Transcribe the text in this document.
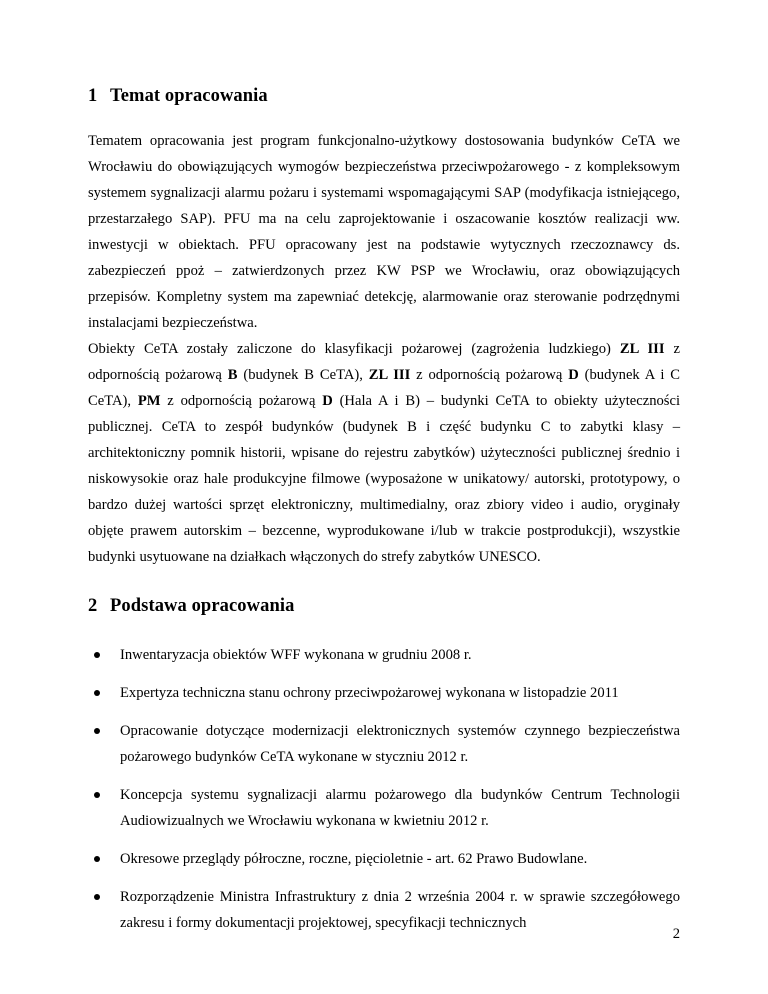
1 Temat opracowania

Tematem opracowania jest program funkcjonalno-użytkowy dostosowania budynków CeTA we Wrocławiu do obowiązujących wymogów bezpieczeństwa przeciwpożarowego - z kompleksowym systemem sygnalizacji alarmu pożaru i systemami wspomagającymi SAP (modyfikacja istniejącego, przestarzałego SAP). PFU ma na celu zaprojektowanie i oszacowanie kosztów realizacji ww. inwestycji w obiektach. PFU opracowany jest na podstawie wytycznych rzeczoznawcy ds. zabezpieczeń ppoż – zatwierdzonych przez KW PSP we Wrocławiu, oraz obowiązujących przepisów. Kompletny system ma zapewniać detekcję, alarmowanie oraz sterowanie podrzędnymi instalacjami bezpieczeństwa.

Obiekty CeTA zostały zaliczone do klasyfikacji pożarowej (zagrożenia ludzkiego) ZL III z odpornością pożarową B (budynek B CeTA), ZL III z odpornością pożarową D (budynek A i C CeTA), PM z odpornością pożarową D (Hala A i B) – budynki CeTA to obiekty użyteczności publicznej. CeTA to zespół budynków (budynek B i część budynku C to zabytki klasy – architektoniczny pomnik historii, wpisane do rejestru zabytków) użyteczności publicznej średnio i niskowysokie oraz hale produkcyjne filmowe (wyposażone w unikatowy/ autorski, prototypowy, o bardzo dużej wartości sprzęt elektroniczny, multimedialny, oraz zbiory video i audio, oryginały objęte prawem autorskim – bezcenne, wyprodukowane i/lub w trakcie postprodukcji), wszystkie budynki usytuowane na działkach włączonych do strefy zabytków UNESCO.

2 Podstawa opracowania
Inwentaryzacja obiektów WFF wykonana w grudniu 2008 r.
Expertyza techniczna stanu ochrony przeciwpożarowej wykonana w listopadzie 2011
Opracowanie dotyczące modernizacji elektronicznych systemów czynnego bezpieczeństwa pożarowego budynków CeTA wykonane w styczniu 2012 r.
Koncepcja systemu sygnalizacji alarmu pożarowego dla budynków Centrum Technologii Audiowizualnych we Wrocławiu wykonana w kwietniu 2012 r.
Okresowe przeglądy półroczne, roczne, pięcioletnie - art. 62 Prawo Budowlane.
Rozporządzenie Ministra Infrastruktury z dnia 2 września 2004 r. w sprawie szczegółowego zakresu i formy dokumentacji projektowej, specyfikacji technicznych
2
